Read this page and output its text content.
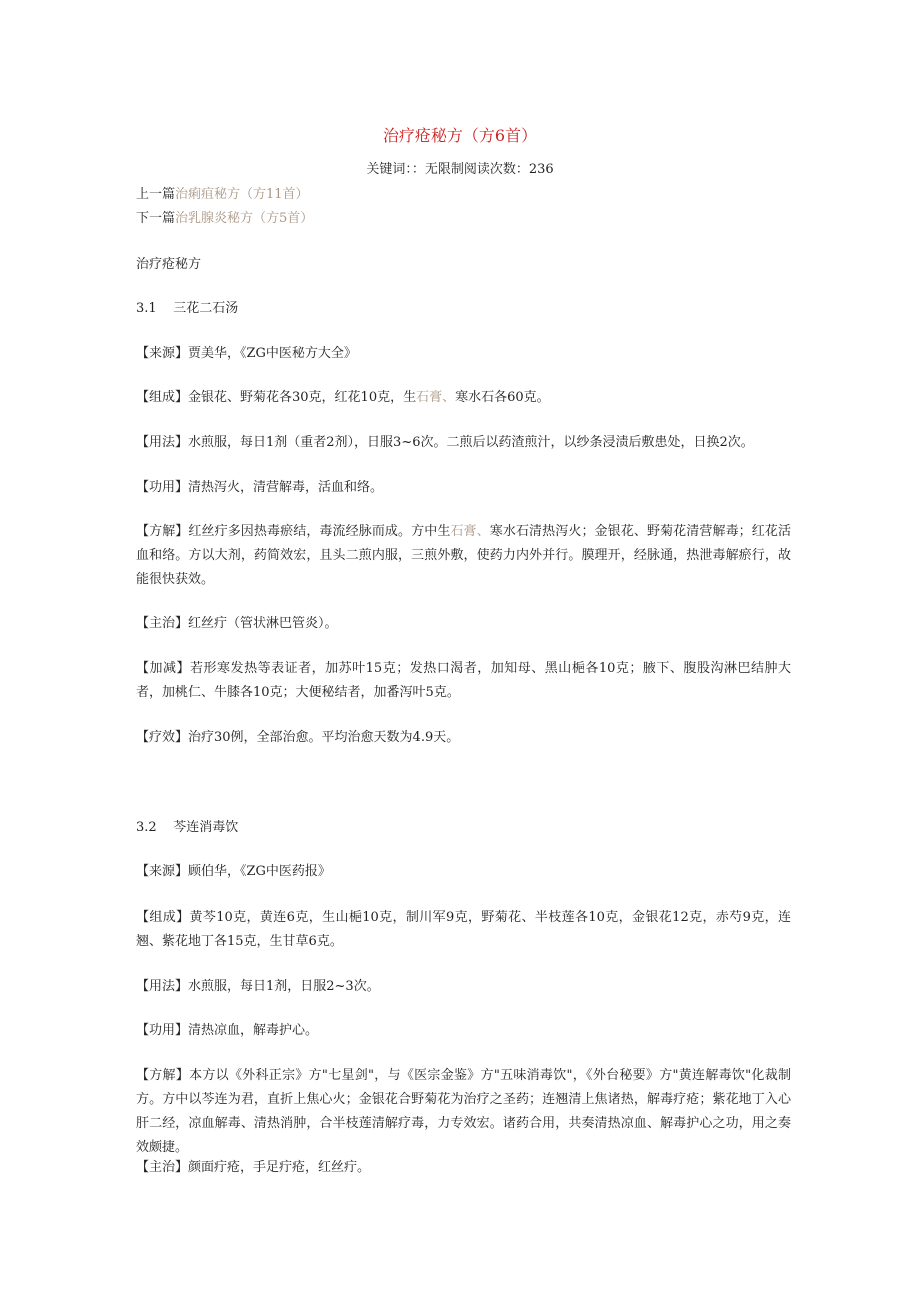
治疗疮秘方（方6首）
关键词：：无限制阅读次数：236
上一篇治痢疽秘方（方11首）
下一篇治乳腺炎秘方（方5首）
治疗疮秘方
3.1    三花二石汤
【来源】贾美华，《ZG中医秘方大全》
【组成】金银花、野菊花各30克，红花10克，生石膏、寒水石各60克。
【用法】水煎服，每日1剂（重者2剂），日服3~6次。二煎后以药渣煎汁，以纱条浸渍后敷患处，日换2次。
【功用】清热泻火，清营解毒，活血和络。
【方解】红丝疔多因热毒瘀结，毒流经脉而成。方中生石膏、寒水石清热泻火；金银花、野菊花清营解毒；红花活血和络。方以大剂，药简效宏，且头二煎内服，三煎外敷，使药力内外并行。膜理开，经脉通，热泄毒解瘀行，故能很快获效。
【主治】红丝疔（管状淋巴管炎）。
【加减】若形寒发热等表证者，加苏叶15克；发热口渴者，加知母、黑山梔各10克；腋下、腹股沟淋巴结肿大者，加桃仁、牛膝各10克；大便秘结者，加番泻叶5克。
【疗效】治疗30例，全部治愈。平均治愈天数为4.9天。
3.2    芩连消毒饮
【来源】顾伯华，《ZG中医药报》
【组成】黄芩10克，黄连6克，生山梔10克，制川军9克，野菊花、半枝莲各10克，金银花12克，赤芍9克，连翘、紫花地丁各15克，生甘草6克。
【用法】水煎服，每日1剂，日服2~3次。
【功用】清热凉血，解毒护心。
【方解】本方以《外科正宗》方"七星剑"，与《医宗金鉴》方"五味消毒饮"，《外台秘要》方"黄连解毒饮"化裁制方。方中以芩连为君，直折上焦心火；金银花合野菊花为治疗之圣药；连翘清上焦诸热，解毒疗疮；紫花地丁入心肝二经，凉血解毒、清热消肿，合半枝莲清解疗毒，力专效宏。诸药合用，共奏清热凉血、解毒护心之功，用之奏效颇捷。
【主治】颜面疔疮，手足疔疮，红丝疔。
